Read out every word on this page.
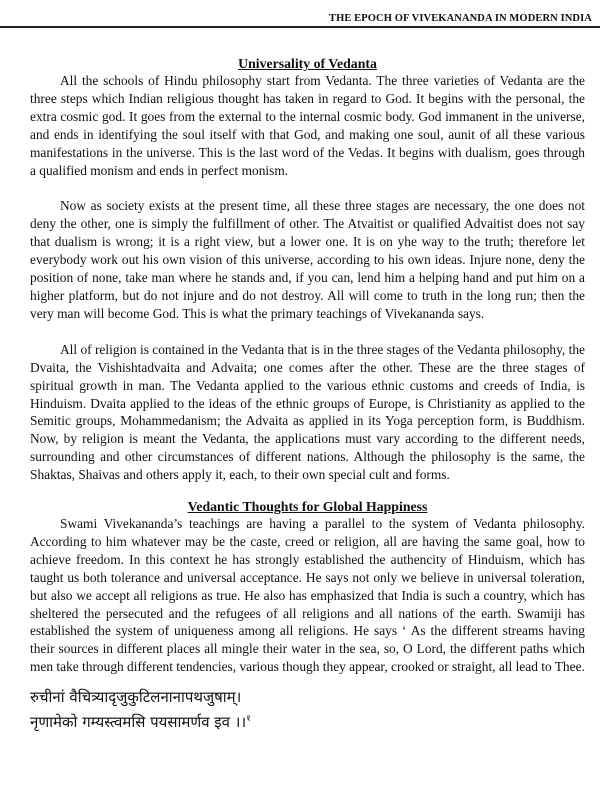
THE EPOCH OF VIVEKANANDA IN MODERN INDIA
Universality of Vedanta

All the schools of Hindu philosophy start from Vedanta. The three varieties of Vedanta are the three steps which Indian religious thought has taken in regard to God. It begins with the personal, the extra cosmic god. It goes from the external to the internal cosmic body. God immanent in the universe, and ends in identifying the soul itself with that God, and making one soul, aunit of all these various manifestations in the universe. This is the last word of the Vedas. It begins with dualism, goes through a qualified monism and ends in perfect monism.

Now as society exists at the present time, all these three stages are necessary, the one does not deny the other, one is simply the fulfillment of other. The Atvaitist or qualified Advaitist does not say that dualism is wrong; it is a right view, but a lower one. It is on yhe way to the truth; therefore let everybody work out his own vision of this universe, according to his own ideas. Injure none, deny the position of none, take man where he stands and, if you can, lend him a helping hand and put him on a higher platform, but do not injure and do not destroy. All will come to truth in the long run; then the very man will become God. This is what the primary teachings of Vivekananda says.

All of religion is contained in the Vedanta that is in the three stages of the Vedanta philosophy, the Dvaita, the Vishishtadvaita and Advaita; one comes after the other. These are the three stages of spiritual growth in man. The Vedanta applied to the various ethnic customs and creeds of India, is Hinduism. Dvaita applied to the ideas of the ethnic groups of Europe, is Christianity as applied to the Semitic groups, Mohammedanism; the Advaita as applied in its Yoga perception form, is Buddhism. Now, by religion is meant the Vedanta, the applications must vary according to the different needs, surrounding and other circumstances of different nations. Although the philosophy is the same, the Shaktas, Shaivas and others apply it, each, to their own special cult and forms.

Vedantic Thoughts for Global Happiness

Swami Vivekananda’s teachings are having a parallel to the system of Vedanta philosophy. According to him whatever may be the caste, creed or religion, all are having the same goal, how to achieve freedom. In this context he has strongly established the authencity of Hinduism, which has taught us both tolerance and universal acceptance. He says not only we believe in universal toleration, but also we accept all religions as true. He also has emphasized that India is such a country, which has sheltered the persecuted and the refugees of all religions and all nations of the earth. Swamiji has established the system of uniqueness among all religions. He says ‘ As the different streams having their sources in different places all mingle their water in the sea, so, O Lord, the different paths which men take through different tendencies, various though they appear, crooked or straight, all lead to Thee.

रुचीनां वैचित्र्यादृजुकुटिलनानापथजुषाम्।
नृणामेको गम्यस्त्वमसि पयसामर्णव इव ।।$^१$
